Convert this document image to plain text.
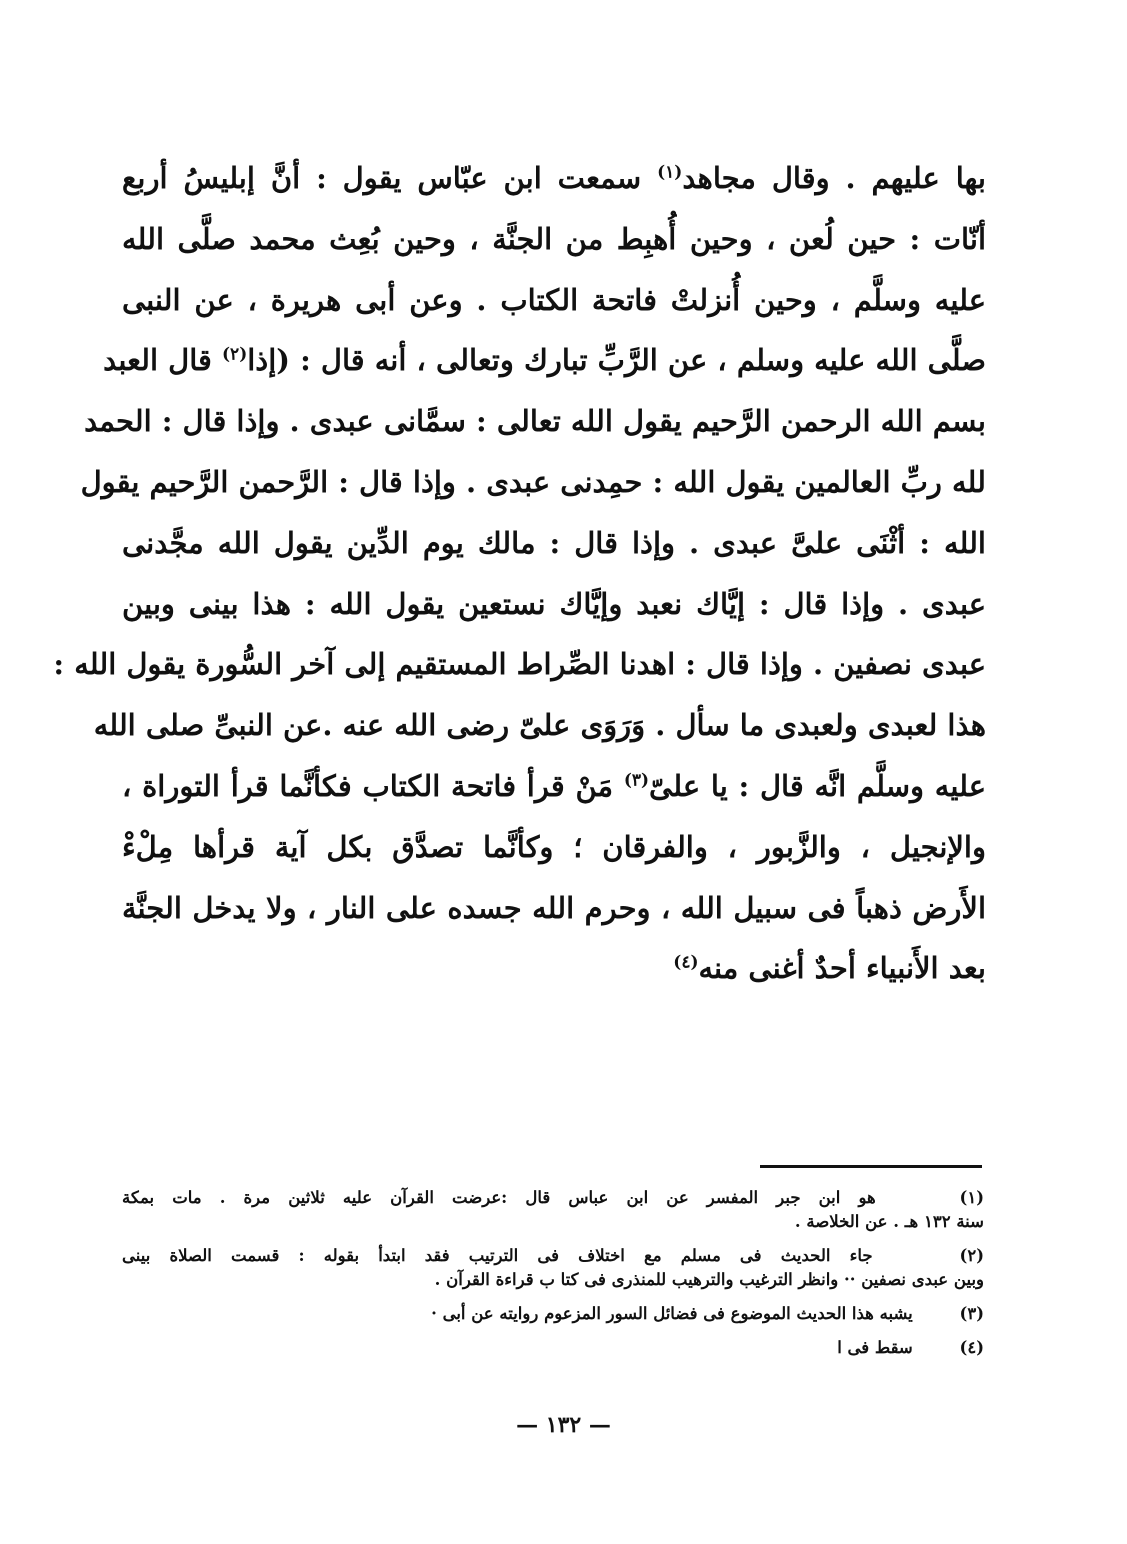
بها عليهم . وقال مجاهد$^{(١)}$ سمعت ابن عبّاس يقول : أنَّ إبليسُ أربع
أنّات : حين لُعن ، وحين أُهبِط من الجنَّة ، وحين بُعِث محمد صلَّى الله
عليه وسلَّم ، وحين أُنزلتْ فاتحة الكتاب . وعن أبى هريرة ، عن النبى
صلَّى الله عليه وسلم ، عن الرَّبِّ تبارك وتعالى ، أنه قال : (إذا$^{(٢)}$ قال العبد
بسم الله الرحمن الرَّحيم يقول الله تعالى : سمَّانى عبدى . وإذا قال : الحمد
لله ربِّ العالمين يقول الله : حمِدنى عبدى . وإذا قال : الرَّحمن الرَّحيم يقول
الله : أثْنَى علىَّ عبدى . وإذا قال : مالك يوم الدِّين يقول الله مجَّدنى
عبدى . وإذا قال : إيَّاك نعبد وإيَّاك نستعين يقول الله : هذا بينى وبين
عبدى نصفين . وإذا قال : اهدنا الصِّراط المستقيم إلى آخر السُّورة يقول الله :
هذا لعبدى ولعبدى ما سأل . وَرَوَى علىّ رضى الله عنه .عن النبىِّ صلى الله
عليه وسلَّم انَّه قال : يا علىّ$^{(٣)}$ مَنْ قرأ فاتحة الكتاب فكأنَّما قرأ التوراة ،
والإنجيل ، والزَّبور ، والفرقان ؛ وكأنَّما تصدَّق بكل آية قرأها مِلْءْ
الأَرض ذهباً فى سبيل الله ، وحرم الله جسده على النار ، ولا يدخل الجنَّة
بعد الأَنبياء أحدٌ أغنى منه$^{(٤)}$
(١)   هو ابن جبر المفسر عن ابن عباس قال :عرضت القرآن عليه ثلاثين مرة . مات بمكة
سنة ١٣٢ هـ . عن الخلاصة .
(٢)   جاء الحديث فى مسلم مع اختلاف فى الترتيب فقد ابتدأ بقوله : قسمت الصلاة بينى
وبين عبدى نصفين ·· وانظر الترغيب والترهيب للمنذرى فى كتا ب قراءة القرآن .
(٣)   يشبه هذا الحديث الموضوع فى فضائل السور المزعوم روايته عن أبى ·
(٤)   سقط فى ا
— ١٣٢ —
